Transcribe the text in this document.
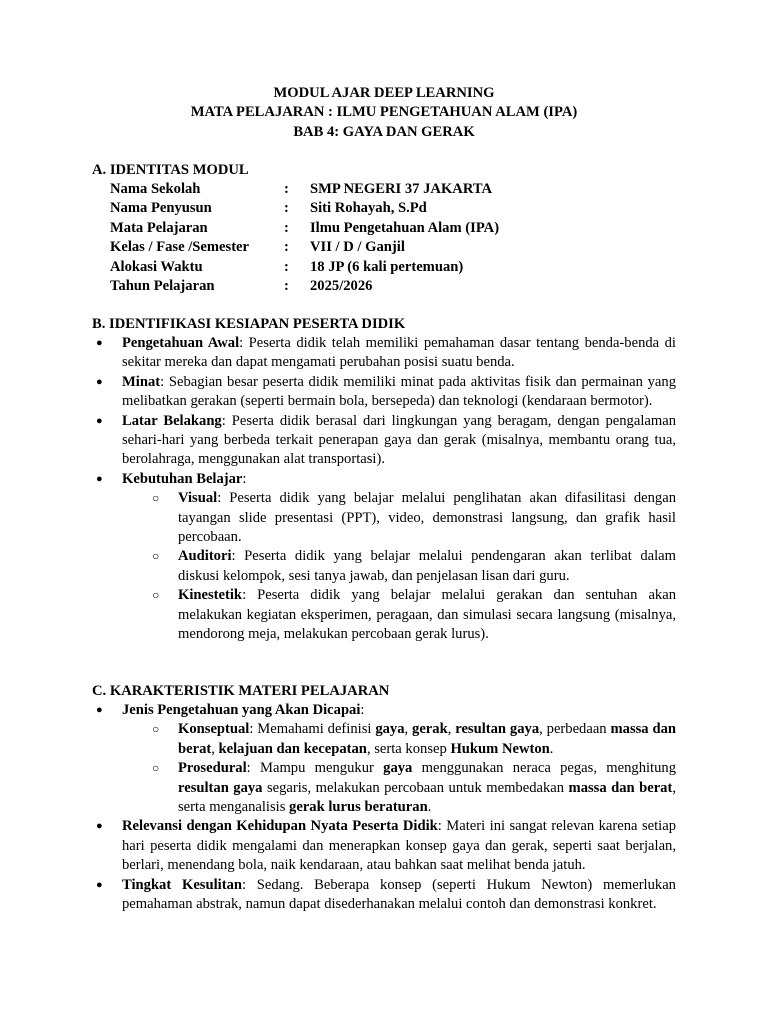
MODUL AJAR DEEP LEARNING
MATA PELAJARAN : ILMU PENGETAHUAN ALAM (IPA)
BAB 4: GAYA DAN GERAK
A. IDENTITAS MODUL
Nama Sekolah	:	SMP NEGERI 37 JAKARTA
Nama Penyusun	:	Siti Rohayah, S.Pd
Mata Pelajaran	:	Ilmu Pengetahuan Alam (IPA)
Kelas / Fase /Semester	:	VII / D / Ganjil
Alokasi Waktu	:	18 JP (6 kali pertemuan)
Tahun Pelajaran	:	2025/2026
B. IDENTIFIKASI KESIAPAN PESERTA DIDIK
● Pengetahuan Awal: Peserta didik telah memiliki pemahaman dasar tentang benda-benda di sekitar mereka dan dapat mengamati perubahan posisi suatu benda.
● Minat: Sebagian besar peserta didik memiliki minat pada aktivitas fisik dan permainan yang melibatkan gerakan (seperti bermain bola, bersepeda) dan teknologi (kendaraan bermotor).
● Latar Belakang: Peserta didik berasal dari lingkungan yang beragam, dengan pengalaman sehari-hari yang berbeda terkait penerapan gaya dan gerak (misalnya, membantu orang tua, berolahraga, menggunakan alat transportasi).
● Kebutuhan Belajar:
○ Visual: Peserta didik yang belajar melalui penglihatan akan difasilitasi dengan tayangan slide presentasi (PPT), video, demonstrasi langsung, dan grafik hasil percobaan.
○ Auditori: Peserta didik yang belajar melalui pendengaran akan terlibat dalam diskusi kelompok, sesi tanya jawab, dan penjelasan lisan dari guru.
○ Kinestetik: Peserta didik yang belajar melalui gerakan dan sentuhan akan melakukan kegiatan eksperimen, peragaan, dan simulasi secara langsung (misalnya, mendorong meja, melakukan percobaan gerak lurus).
C. KARAKTERISTIK MATERI PELAJARAN
● Jenis Pengetahuan yang Akan Dicapai:
○ Konseptual: Memahami definisi gaya, gerak, resultan gaya, perbedaan massa dan berat, kelajuan dan kecepatan, serta konsep Hukum Newton.
○ Prosedural: Mampu mengukur gaya menggunakan neraca pegas, menghitung resultan gaya segaris, melakukan percobaan untuk membedakan massa dan berat, serta menganalisis gerak lurus beraturan.
● Relevansi dengan Kehidupan Nyata Peserta Didik: Materi ini sangat relevan karena setiap hari peserta didik mengalami dan menerapkan konsep gaya dan gerak, seperti saat berjalan, berlari, menendang bola, naik kendaraan, atau bahkan saat melihat benda jatuh.
● Tingkat Kesulitan: Sedang. Beberapa konsep (seperti Hukum Newton) memerlukan pemahaman abstrak, namun dapat disederhanakan melalui contoh dan demonstrasi konkret.
